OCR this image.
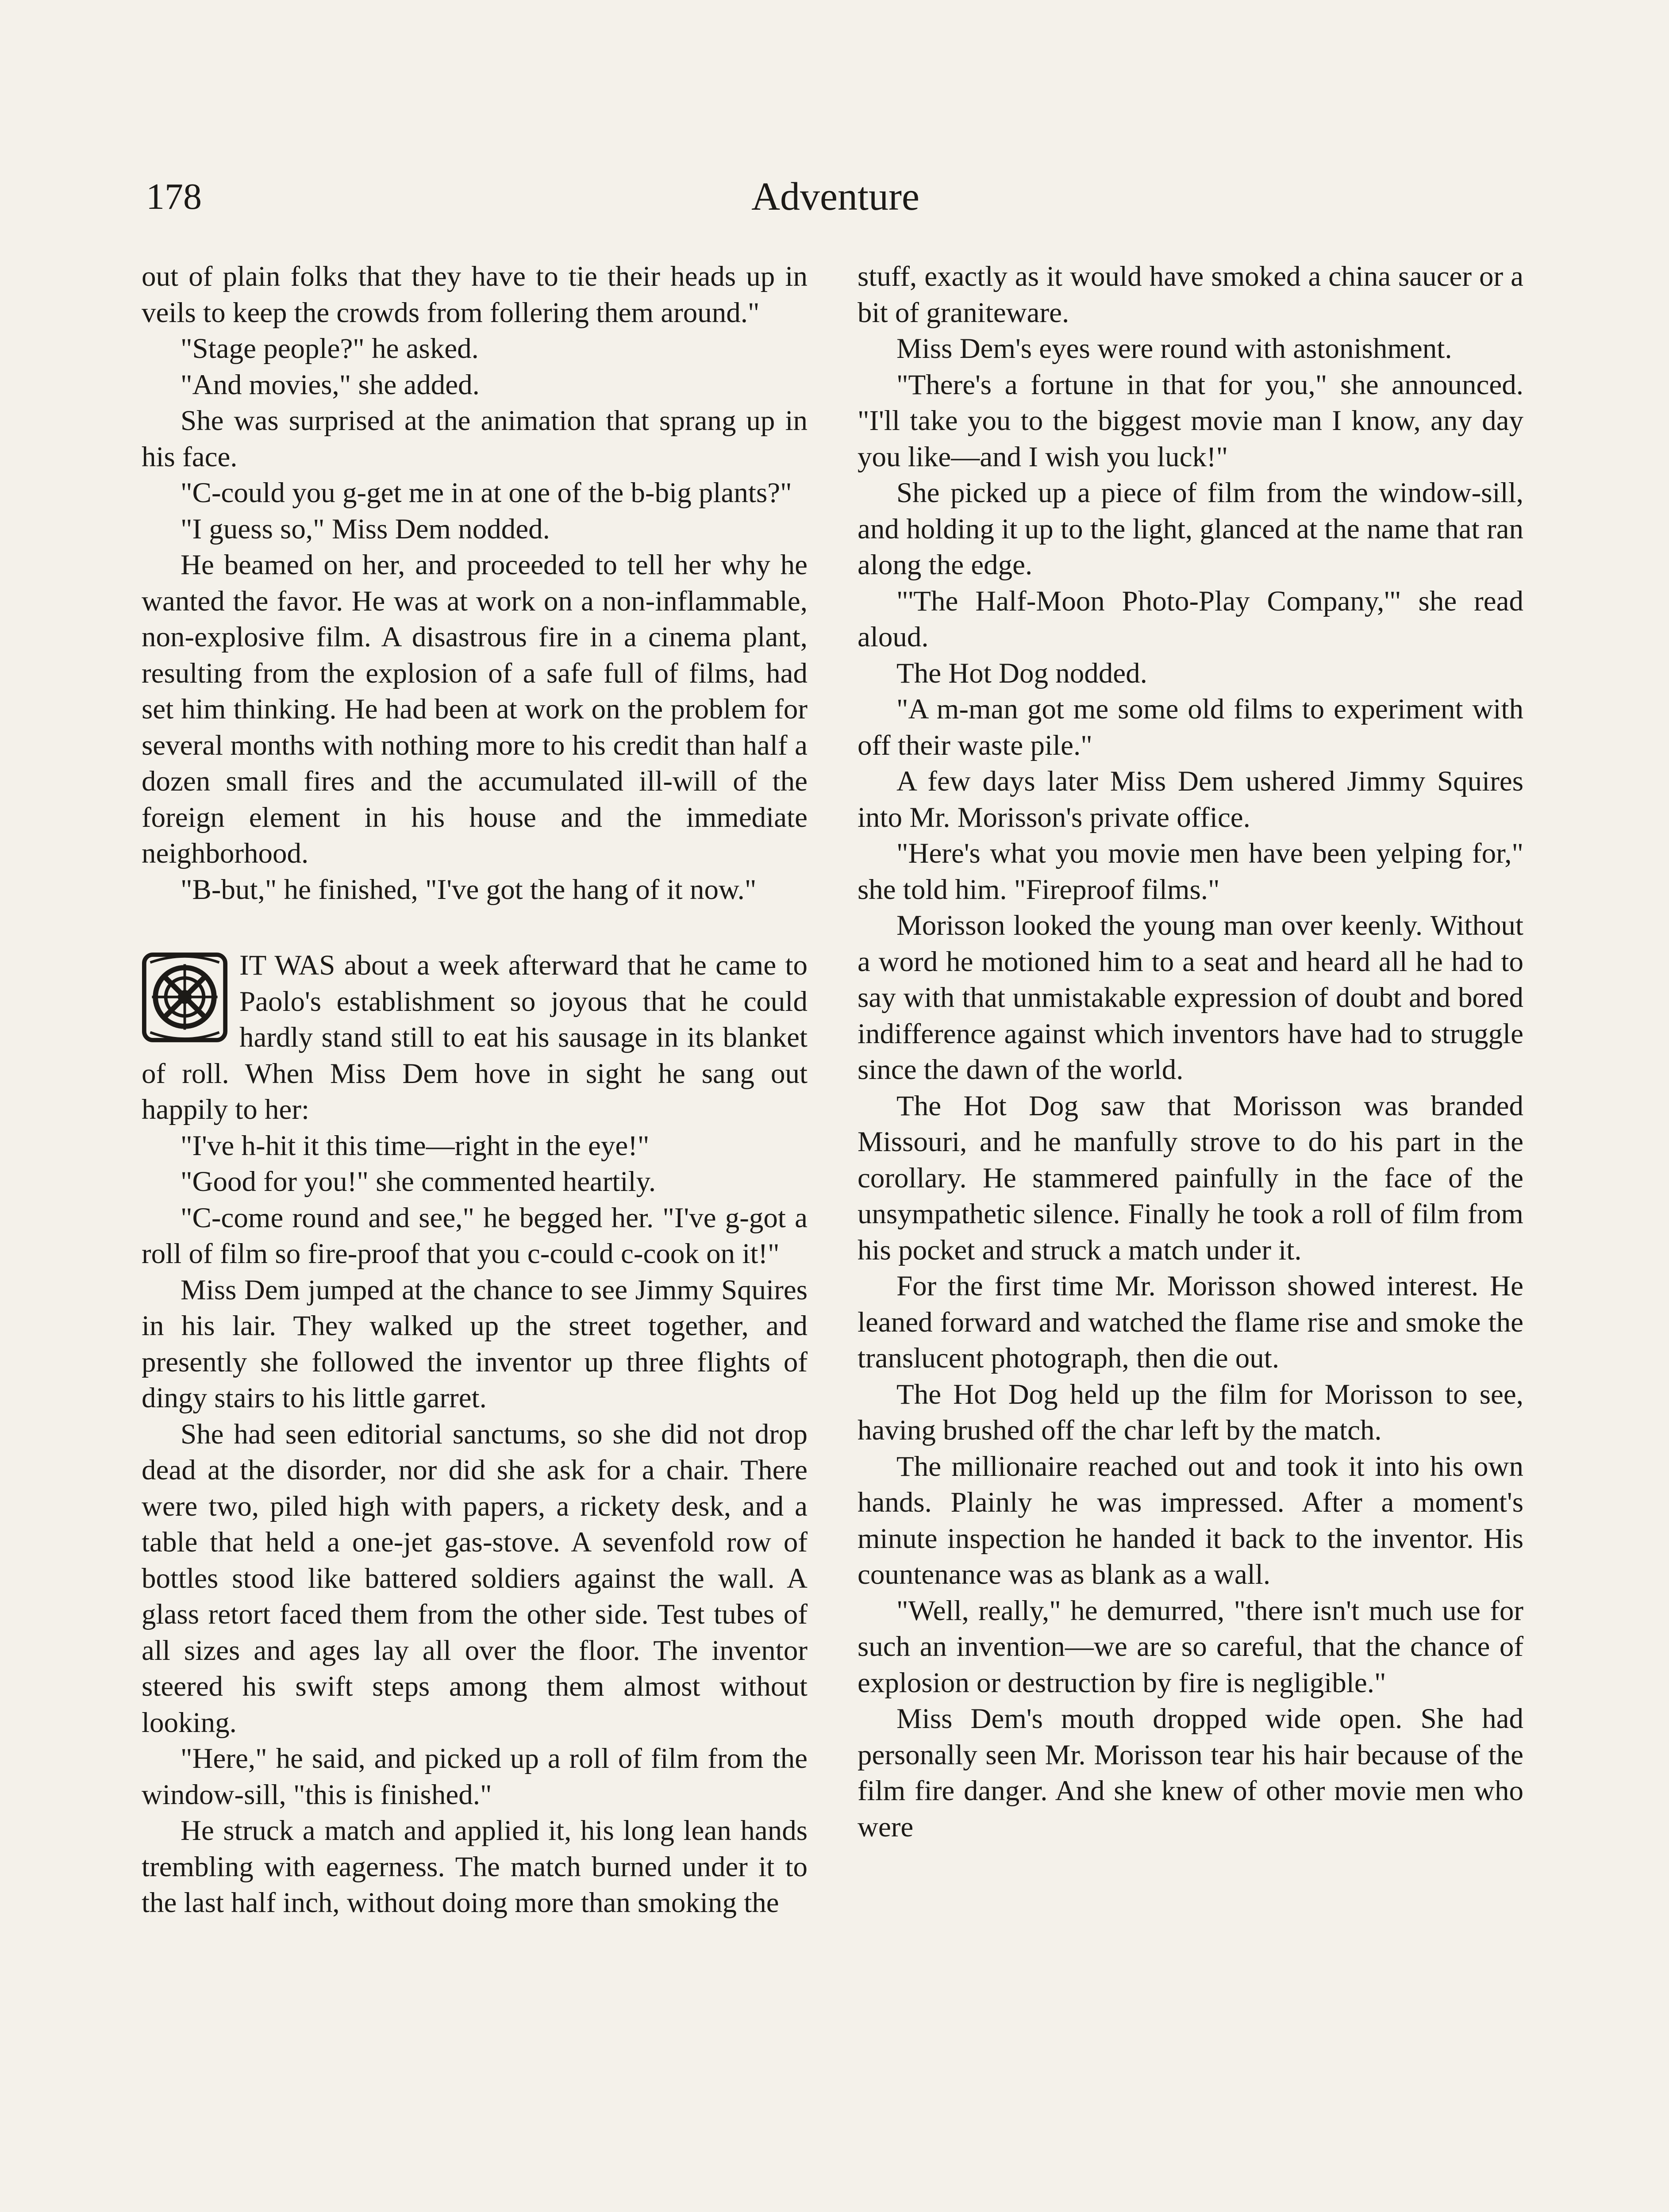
178	Adventure

out of plain folks that they have to tie their heads up in veils to keep the crowds from follering them around."

"Stage people?" he asked.

"And movies," she added.

She was surprised at the animation that sprang up in his face.

"C-could you g-get me in at one of the b-big plants?"

"I guess so," Miss Dem nodded.

He beamed on her, and proceeded to tell her why he wanted the favor. He was at work on a non-inflammable, non-explosive film. A disastrous fire in a cinema plant, resulting from the explosion of a safe full of films, had set him thinking. He had been at work on the problem for several months with nothing more to his credit than half a dozen small fires and the accumulated ill-will of the foreign element in his house and the immediate neighborhood.

"B-but," he finished, "I've got the hang of it now."

IT WAS about a week afterward that he came to Paolo's establishment so joyous that he could hardly stand still to eat his sausage in its blanket of roll. When Miss Dem hove in sight he sang out happily to her:

"I've h-hit it this time—right in the eye!"

"Good for you!" she commented heartily.

"C-come round and see," he begged her. "I've g-got a roll of film so fire-proof that you c-could c-cook on it!"

Miss Dem jumped at the chance to see Jimmy Squires in his lair. They walked up the street together, and presently she followed the inventor up three flights of dingy stairs to his little garret.

She had seen editorial sanctums, so she did not drop dead at the disorder, nor did she ask for a chair. There were two, piled high with papers, a rickety desk, and a table that held a one-jet gas-stove. A sevenfold row of bottles stood like battered soldiers against the wall. A glass retort faced them from the other side. Test tubes of all sizes and ages lay all over the floor. The inventor steered his swift steps among them almost without looking.

"Here," he said, and picked up a roll of film from the window-sill, "this is finished."

He struck a match and applied it, his long lean hands trembling with eagerness. The match burned under it to the last half inch, without doing more than smoking the

stuff, exactly as it would have smoked a china saucer or a bit of graniteware.

Miss Dem's eyes were round with astonishment.

"There's a fortune in that for you," she announced. "I'll take you to the biggest movie man I know, any day you like—and I wish you luck!"

She picked up a piece of film from the window-sill, and holding it up to the light, glanced at the name that ran along the edge.

"'The Half-Moon Photo-Play Company,'" she read aloud.

The Hot Dog nodded.

"A m-man got me some old films to experiment with off their waste pile."

A few days later Miss Dem ushered Jimmy Squires into Mr. Morisson's private office.

"Here's what you movie men have been yelping for," she told him. "Fireproof films."

Morisson looked the young man over keenly. Without a word he motioned him to a seat and heard all he had to say with that unmistakable expression of doubt and bored indifference against which inventors have had to struggle since the dawn of the world.

The Hot Dog saw that Morisson was branded Missouri, and he manfully strove to do his part in the corollary. He stammered painfully in the face of the unsympathetic silence. Finally he took a roll of film from his pocket and struck a match under it.

For the first time Mr. Morisson showed interest. He leaned forward and watched the flame rise and smoke the translucent photograph, then die out.

The Hot Dog held up the film for Morisson to see, having brushed off the char left by the match.

The millionaire reached out and took it into his own hands. Plainly he was impressed. After a moment's minute inspection he handed it back to the inventor. His countenance was as blank as a wall.

"Well, really," he demurred, "there isn't much use for such an invention—we are so careful, that the chance of explosion or destruction by fire is negligible."

Miss Dem's mouth dropped wide open. She had personally seen Mr. Morisson tear his hair because of the film fire danger. And she knew of other movie men who were
